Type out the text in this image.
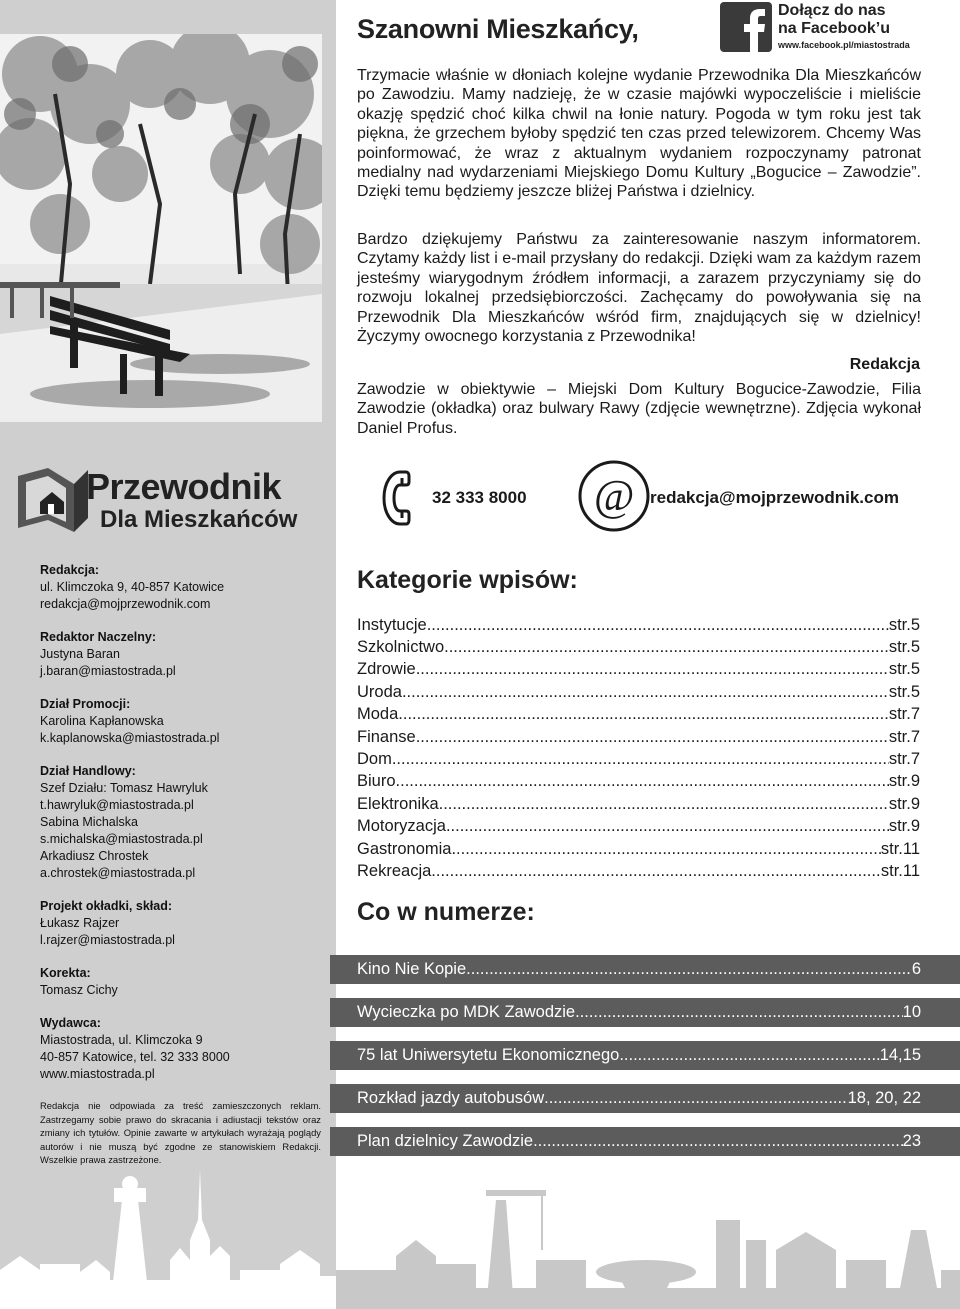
Przewodnik
Dla Mieszkańców
Redakcja:
ul. Klimczoka 9, 40-857 Katowice
redakcja@mojprzewodnik.com
Redaktor Naczelny:
Justyna Baran
j.baran@miastostrada.pl
Dział Promocji:
Karolina Kapłanowska
k.kaplanowska@miastostrada.pl
Dział Handlowy:
Szef Działu: Tomasz Hawryluk
t.hawryluk@miastostrada.pl
Sabina Michalska
s.michalska@miastostrada.pl
Arkadiusz Chrostek
a.chrostek@miastostrada.pl
Projekt okładki, skład:
Łukasz Rajzer
l.rajzer@miastostrada.pl
Korekta:
Tomasz Cichy
Wydawca:
Miastostrada, ul. Klimczoka 9
40-857 Katowice, tel. 32 333 8000
www.miastostrada.pl
Redakcja nie odpowiada za treść zamieszczonych reklam. Zastrzegamy sobie prawo do skracania i adiustacji tekstów oraz zmiany ich tytułów. Opinie zawarte w artykułach wyrażają poglądy autorów i nie muszą być zgodne ze stanowiskiem Redakcji. Wszelkie prawa zastrzeżone.
Szanowni Mieszkańcy,
Dołącz do nas
na Facebook’u
www.facebook.pl/miastostrada
Trzymacie właśnie w dłoniach kolejne wydanie Przewodnika Dla Mieszkańców po Zawodziu. Mamy nadzieję, że w czasie majówki wypoczeliście i mieliście okazję spędzić choć kilka chwil na łonie natury. Pogoda w tym roku jest tak piękna, że grzechem byłoby spędzić ten czas przed telewizorem. Chcemy Was poinformować, że wraz z aktualnym wydaniem rozpoczynamy patronat medialny nad wydarzeniami Miejskiego Domu Kultury „Bogucice – Zawodzie”. Dzięki temu będziemy jeszcze bliżej Państwa i dzielnicy.
Bardzo dziękujemy Państwu za zainteresowanie naszym informatorem. Czytamy każdy list i e-mail przysłany do redakcji. Dzięki wam za każdym razem jesteśmy wiarygodnym źródłem informacji, a zarazem przyczyniamy się do rozwoju lokalnej przedsiębiorczości. Zachęcamy do powoływania się na Przewodnik Dla Mieszkańców wśród firm, znajdujących się w dzielnicy! Życzymy owocnego korzystania z Przewodnika!
Redakcja
Zawodzie w obiektywie – Miejski Dom Kultury Bogucice-Zawodzie, Filia Zawodzie (okładka) oraz bulwary Rawy (zdjęcie wewnętrzne). Zdjęcia wykonał Daniel Profus.
@
32 333 8000	redakcja@mojprzewodnik.com
Kategorie wpisów:
Instytucje .....	str.5
Szkolnictwo .....	str.5
Zdrowie .....	str.5
Uroda .....	str.5
Moda .....	str.7
Finanse .....	str.7
Dom .....	str.7
Biuro .....	str.9
Elektronika .....	str.9
Motoryzacja .....	str.9
Gastronomia .....	str.11
Rekreacja .....	str.11
Co w numerze:
Kino Nie Kopie .....	6
Wycieczka po MDK Zawodzie .....	10
75 lat Uniwersytetu Ekonomicznego .....	14,15
Rozkład jazdy autobusów .....	18, 20, 22
Plan dzielnicy Zawodzie .....	23
